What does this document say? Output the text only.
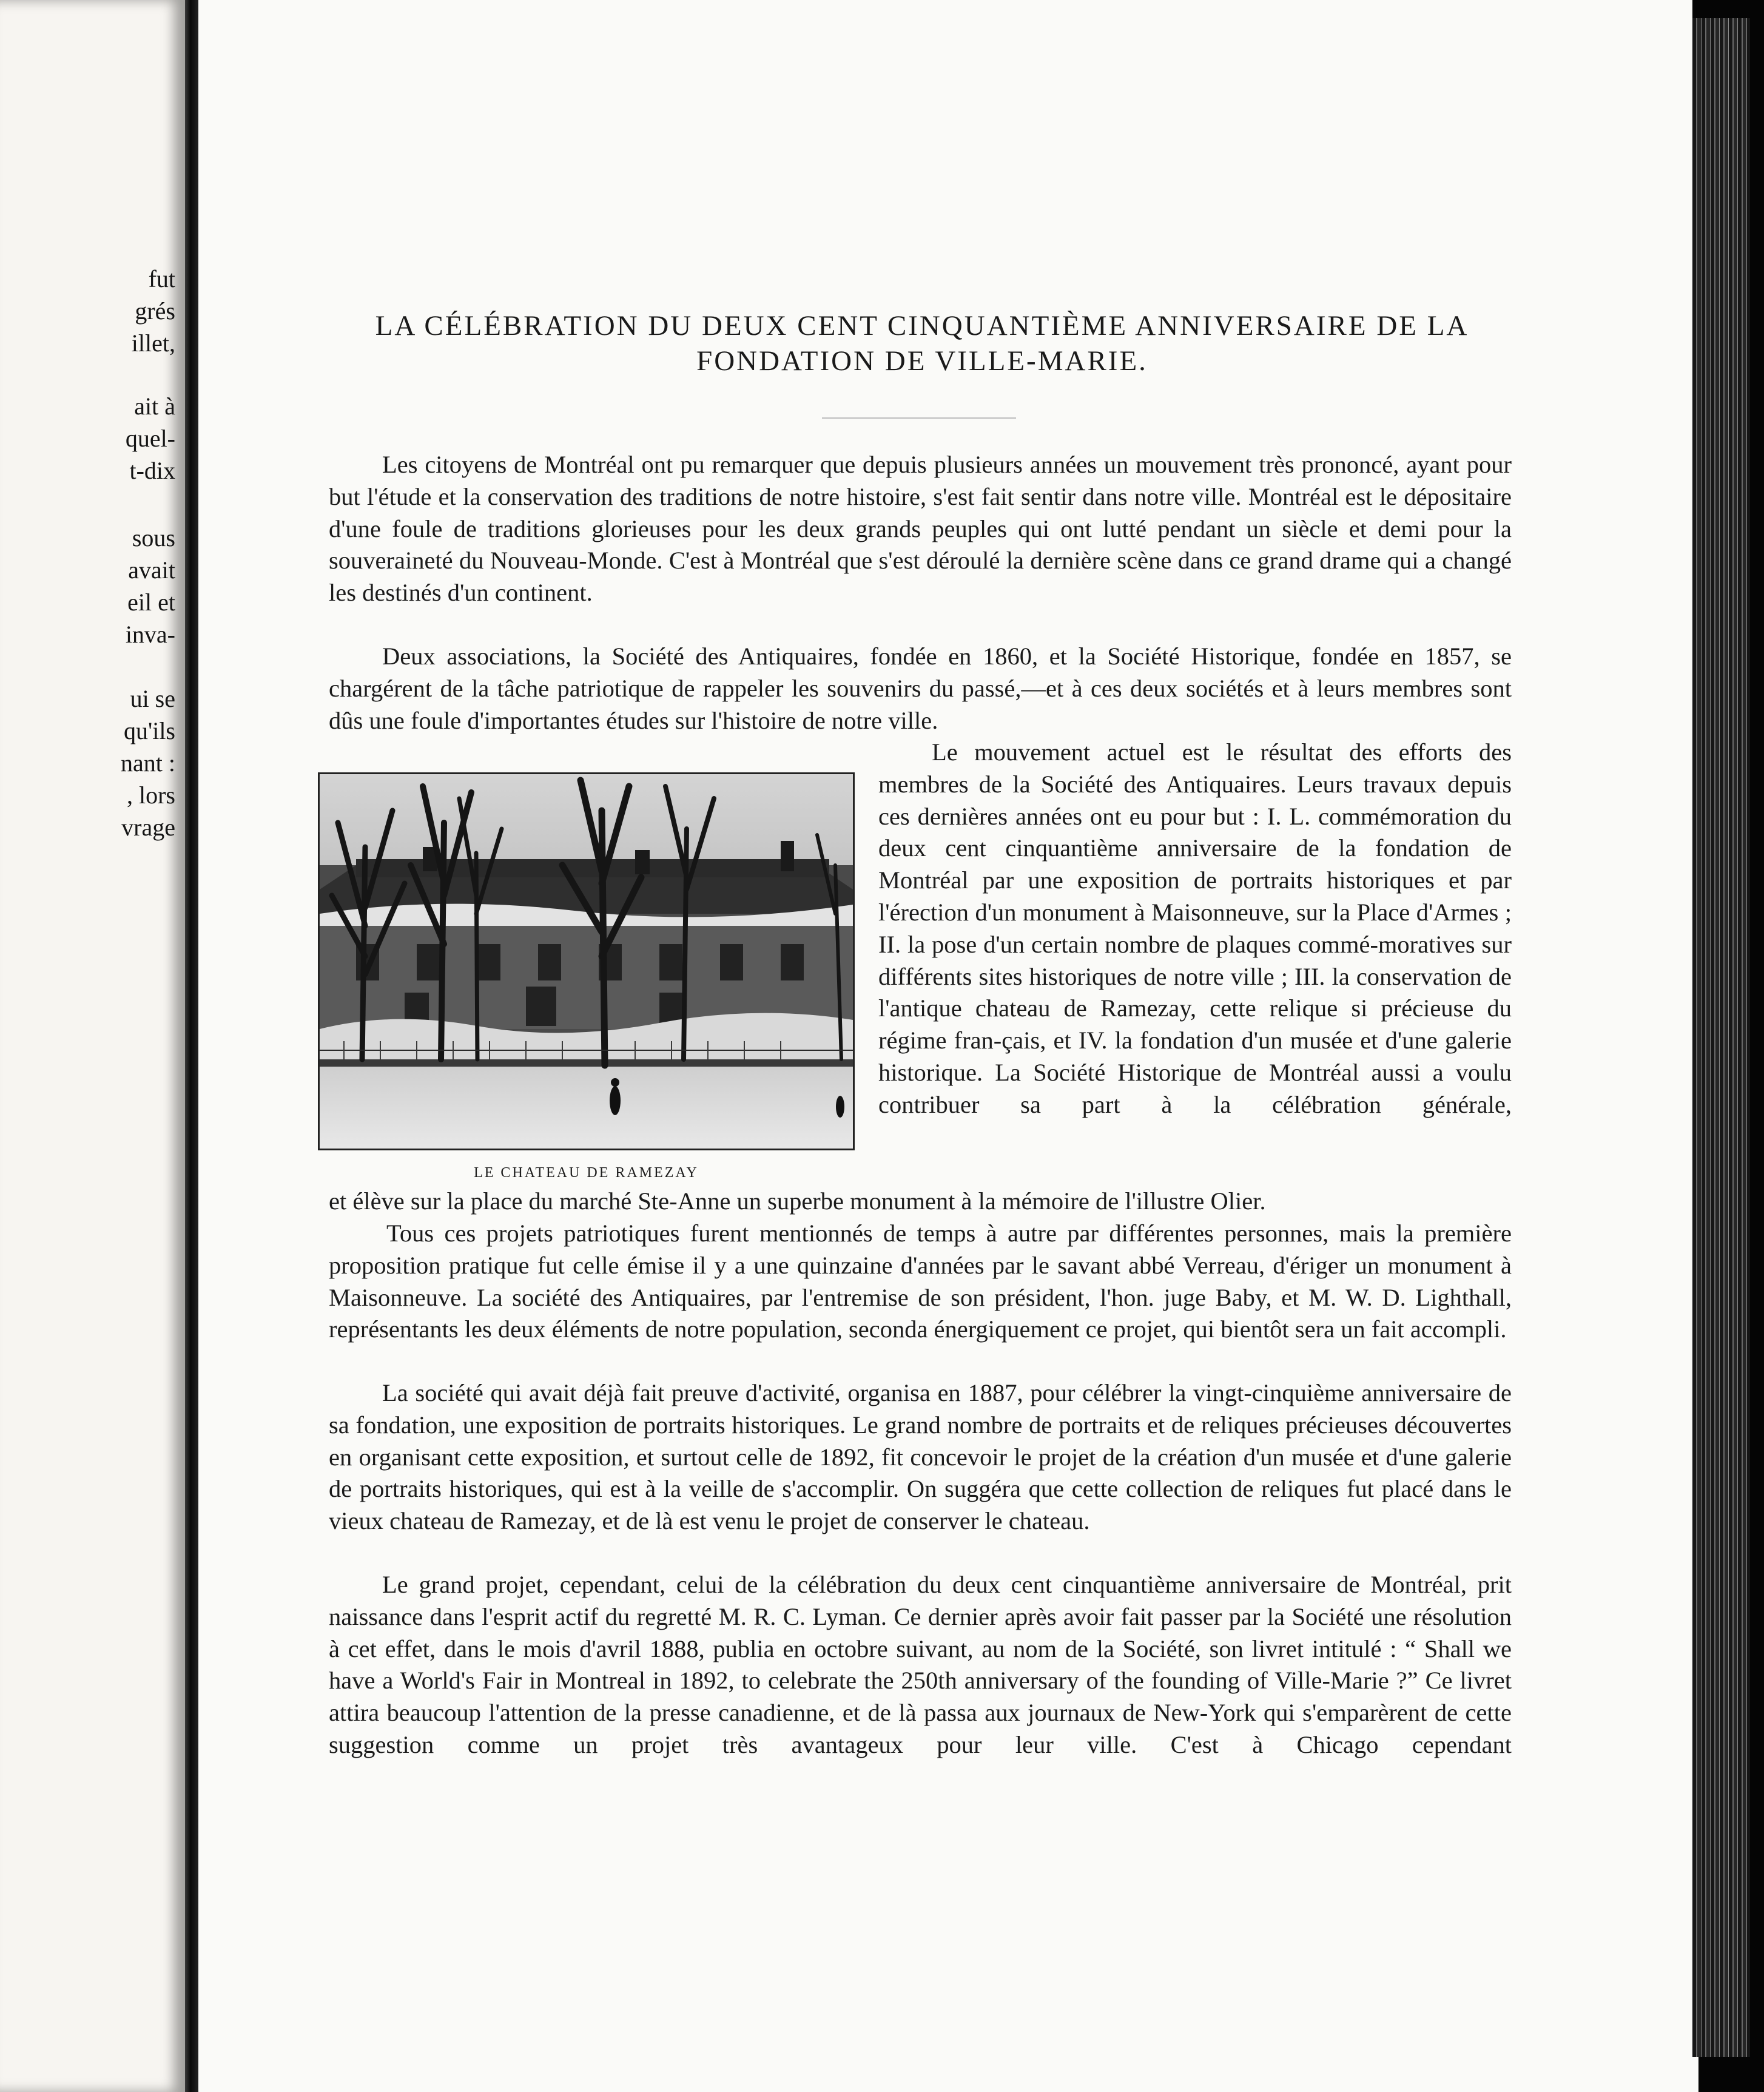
fut
grés
illet,
ait à
quel-
t-dix
sous
avait
eil et
inva-
ui se
qu'ils
nant :
, lors
vrage
LA CÉLÉBRATION DU DEUX CENT CINQUANTIÈME ANNIVERSAIRE DE LA
FONDATION DE VILLE-MARIE.
Les citoyens de Montréal ont pu remarquer que depuis plusieurs années un mouvement très prononcé, ayant pour but l'étude et la conservation des traditions de notre histoire, s'est fait sentir dans notre ville. Montréal est le dépositaire d'une foule de traditions glorieuses pour les deux grands peuples qui ont lutté pendant un siècle et demi pour la souveraineté du Nouveau-Monde. C'est à Montréal que s'est déroulé la dernière scène dans ce grand drame qui a changé les destinés d'un continent.
Deux associations, la Société des Antiquaires, fondée en 1860, et la Société Historique, fondée en 1857, se chargérent de la tâche patriotique de rappeler les souvenirs du passé,—et à ces deux sociétés et à leurs membres sont dûs une foule d'importantes études sur l'histoire de notre ville.
Le mouvement actuel est le résultat des efforts des membres de la Société des Antiquaires. Leurs travaux depuis ces dernières années ont eu pour but : I. L. commémoration du deux cent cinquantième anniversaire de la fondation de Montréal par une exposition de portraits historiques et par l'érection d'un monument à Maisonneuve, sur la Place d'Armes ; II. la pose d'un certain nombre de plaques commé-moratives sur différents sites historiques de notre ville ; III. la conservation de l'antique chateau de Ramezay, cette relique si précieuse du régime fran-çais, et IV. la fondation d'un musée et d'une galerie historique. La Société Historique de Montréal aussi a voulu contribuer sa part à la célébration générale,
et élève sur la place du marché Ste-Anne un superbe monument à la mémoire de l'illustre Olier.
Tous ces projets patriotiques furent mentionnés de temps à autre par différentes personnes, mais la première proposition pratique fut celle émise il y a une quinzaine d'années par le savant abbé Verreau, d'ériger un monument à Maisonneuve. La société des Antiquaires, par l'entremise de son président, l'hon. juge Baby, et M. W. D. Lighthall, représentants les deux éléments de notre population, seconda énergiquement ce projet, qui bientôt sera un fait accompli.
La société qui avait déjà fait preuve d'activité, organisa en 1887, pour célébrer la vingt-cinquième anniversaire de sa fondation, une exposition de portraits historiques. Le grand nombre de portraits et de reliques précieuses découvertes en organisant cette exposition, et surtout celle de 1892, fit concevoir le projet de la création d'un musée et d'une galerie de portraits historiques, qui est à la veille de s'accomplir. On suggéra que cette collection de reliques fut placé dans le vieux chateau de Ramezay, et de là est venu le projet de conserver le chateau.
Le grand projet, cependant, celui de la célébration du deux cent cinquantième anniversaire de Montréal, prit naissance dans l'esprit actif du regretté M. R. C. Lyman. Ce dernier après avoir fait passer par la Société une résolution à cet effet, dans le mois d'avril 1888, publia en octobre suivant, au nom de la Société, son livret intitulé : “ Shall we have a World's Fair in Montreal in 1892, to celebrate the 250th anniversary of the founding of Ville-Marie ?” Ce livret attira beaucoup l'attention de la presse canadienne, et de là passa aux journaux de New-York qui s'emparèrent de cette suggestion comme un projet très avantageux pour leur ville. C'est à Chicago cependant
LE CHATEAU DE RAMEZAY
